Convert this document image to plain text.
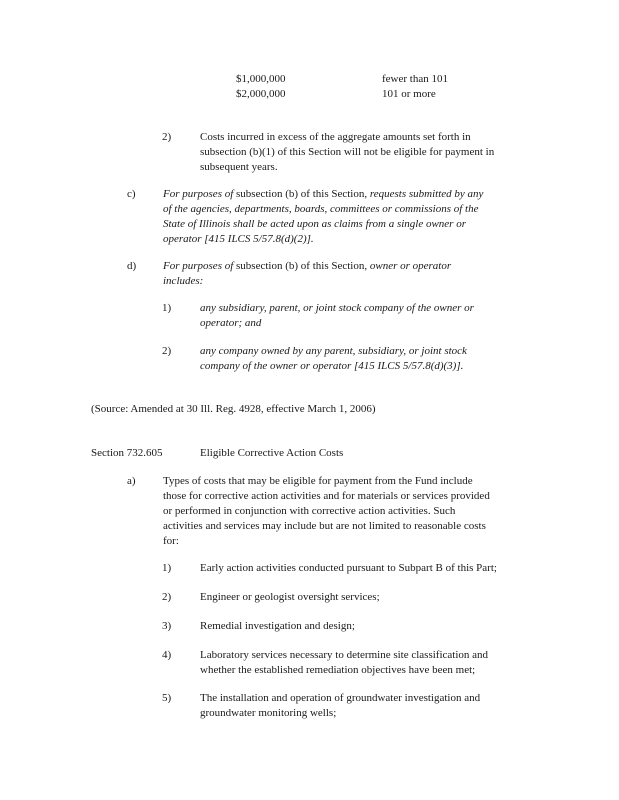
$1,000,000	fewer than 101
$2,000,000	101 or more
2)	Costs incurred in excess of the aggregate amounts set forth in
subsection (b)(1) of this Section will not be eligible for payment in
subsequent years.
c) For purposes of subsection (b) of this Section, requests submitted by any
of the agencies, departments, boards, committees or commissions of the
State of Illinois shall be acted upon as claims from a single owner or
operator [415 ILCS 5/57.8(d)(2)].
d) For purposes of subsection (b) of this Section, owner or operator
includes:
1)	any subsidiary, parent, or joint stock company of the owner or
operator; and
2)	any company owned by any parent, subsidiary, or joint stock
company of the owner or operator [415 ILCS 5/57.8(d)(3)].
(Source: Amended at 30 Ill. Reg. 4928, effective March 1, 2006)
Section 732.605	Eligible Corrective Action Costs
a) Types of costs that may be eligible for payment from the Fund include
those for corrective action activities and for materials or services provided
or performed in conjunction with corrective action activities. Such
activities and services may include but are not limited to reasonable costs
for:
1)	Early action activities conducted pursuant to Subpart B of this Part;
2)	Engineer or geologist oversight services;
3)	Remedial investigation and design;
4)	Laboratory services necessary to determine site classification and
whether the established remediation objectives have been met;
5)	The installation and operation of groundwater investigation and
groundwater monitoring wells;
